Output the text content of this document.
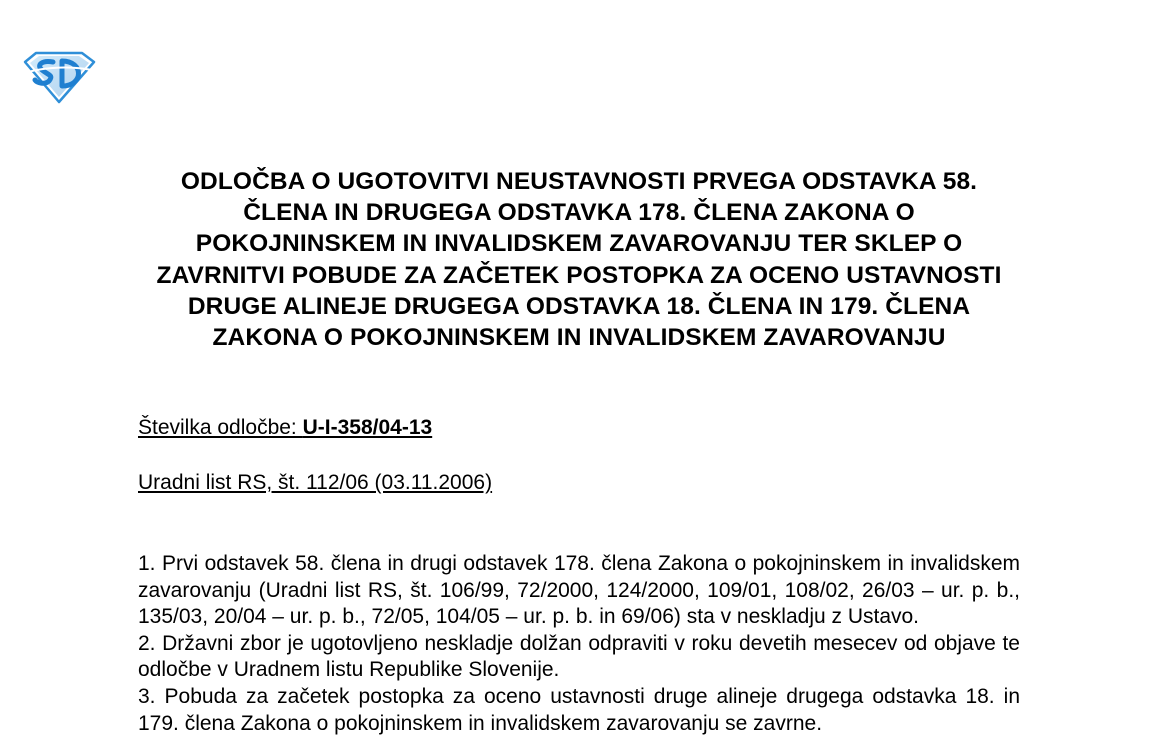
ODLOČBA O UGOTOVITVI NEUSTAVNOSTI PRVEGA ODSTAVKA 58. ČLENA IN DRUGEGA ODSTAVKA 178. ČLENA ZAKONA O POKOJNINSKEM IN INVALIDSKEM ZAVAROVANJU TER SKLEP O ZAVRNITVI POBUDE ZA ZAČETEK POSTOPKA ZA OCENO USTAVNOSTI DRUGE ALINEJE DRUGEGA ODSTAVKA 18. ČLENA IN 179. ČLENA ZAKONA O POKOJNINSKEM IN INVALIDSKEM ZAVAROVANJU
Številka odločbe: U-I-358/04-13
Uradni list RS, št. 112/06 (03.11.2006)

1. Prvi odstavek 58. člena in drugi odstavek 178. člena Zakona o pokojninskem in invalidskem zavarovanju (Uradni list RS, št. 106/99, 72/2000, 124/2000, 109/01, 108/02, 26/03 – ur. p. b., 135/03, 20/04 – ur. p. b., 72/05, 104/05 – ur. p. b. in 69/06) sta v neskladju z Ustavo.

2. Državni zbor je ugotovljeno neskladje dolžan odpraviti v roku devetih mesecev od objave te odločbe v Uradnem listu Republike Slovenije.

3. Pobuda za začetek postopka za oceno ustavnosti druge alineje drugega odstavka 18. in 179. člena Zakona o pokojninskem in invalidskem zavarovanju se zavrne.
